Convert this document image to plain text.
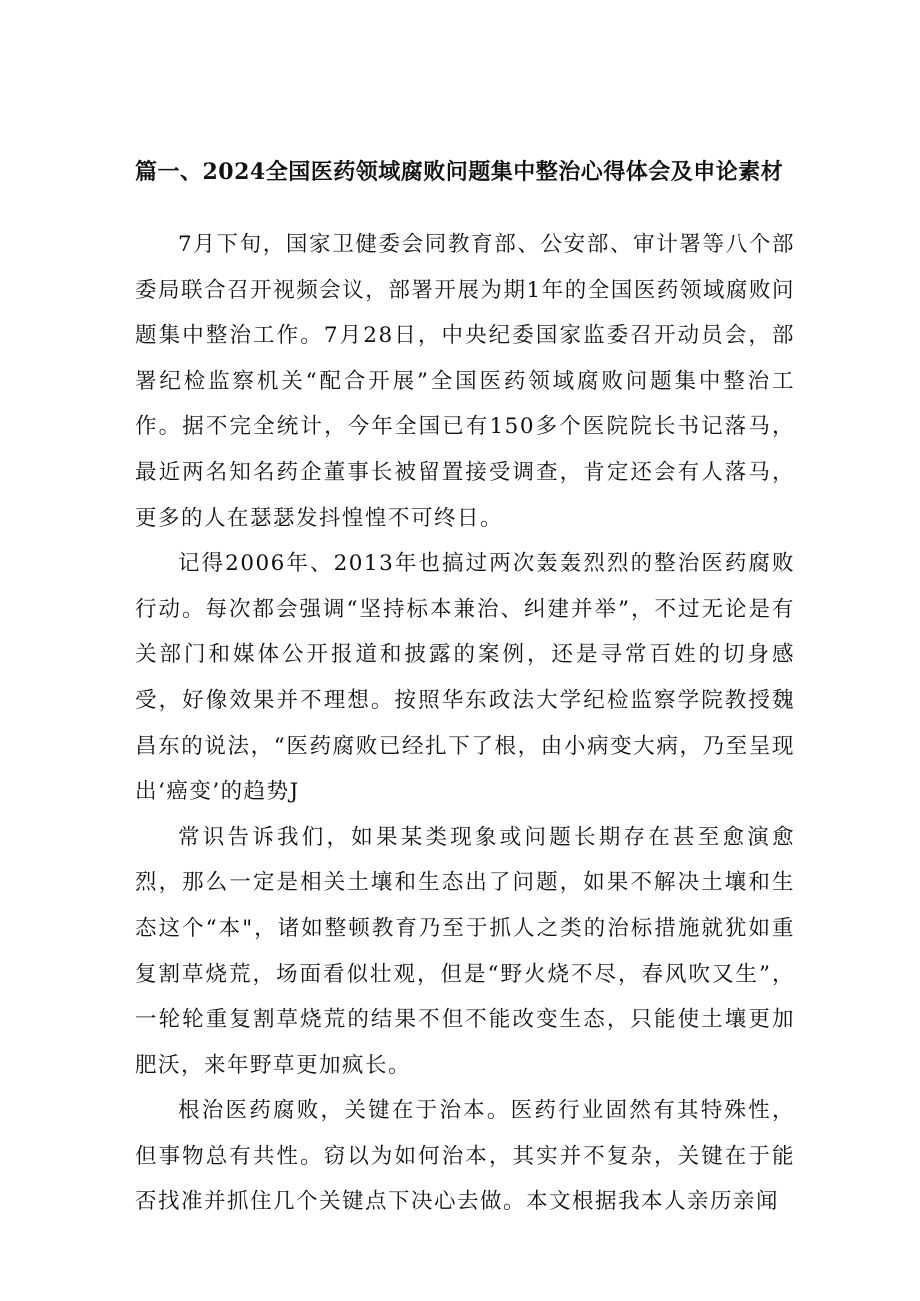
篇一、2024全国医药领域腐败问题集中整治心得体会及申论素材

7月下旬，国家卫健委会同教育部、公安部、审计署等八个部委局联合召开视频会议，部署开展为期1年的全国医药领域腐败问题集中整治工作。7月28日，中央纪委国家监委召开动员会，部署纪检监察机关“配合开展”全国医药领域腐败问题集中整治工作。据不完全统计，今年全国已有150多个医院院长书记落马，最近两名知名药企董事长被留置接受调查，肯定还会有人落马，更多的人在瑟瑟发抖惶惶不可终日。

记得2006年、2013年也搞过两次轰轰烈烈的整治医药腐败行动。每次都会强调“坚持标本兼治、纠建并举”，不过无论是有关部门和媒体公开报道和披露的案例，还是寻常百姓的切身感受，好像效果并不理想。按照华东政法大学纪检监察学院教授魏昌东的说法，“医药腐败已经扎下了根，由小病变大病，乃至呈现出‘癌变’的趋势J

常识告诉我们，如果某类现象或问题长期存在甚至愈演愈烈，那么一定是相关土壤和生态出了问题，如果不解决土壤和生态这个“本"，诸如整顿教育乃至于抓人之类的治标措施就犹如重复割草烧荒，场面看似壮观，但是“野火烧不尽，春风吹又生”，一轮轮重复割草烧荒的结果不但不能改变生态，只能使土壤更加肥沃，来年野草更加疯长。

根治医药腐败，关键在于治本。医药行业固然有其特殊性，但事物总有共性。窃以为如何治本，其实并不复杂，关键在于能否找准并抓住几个关键点下决心去做。本文根据我本人亲历亲闻
